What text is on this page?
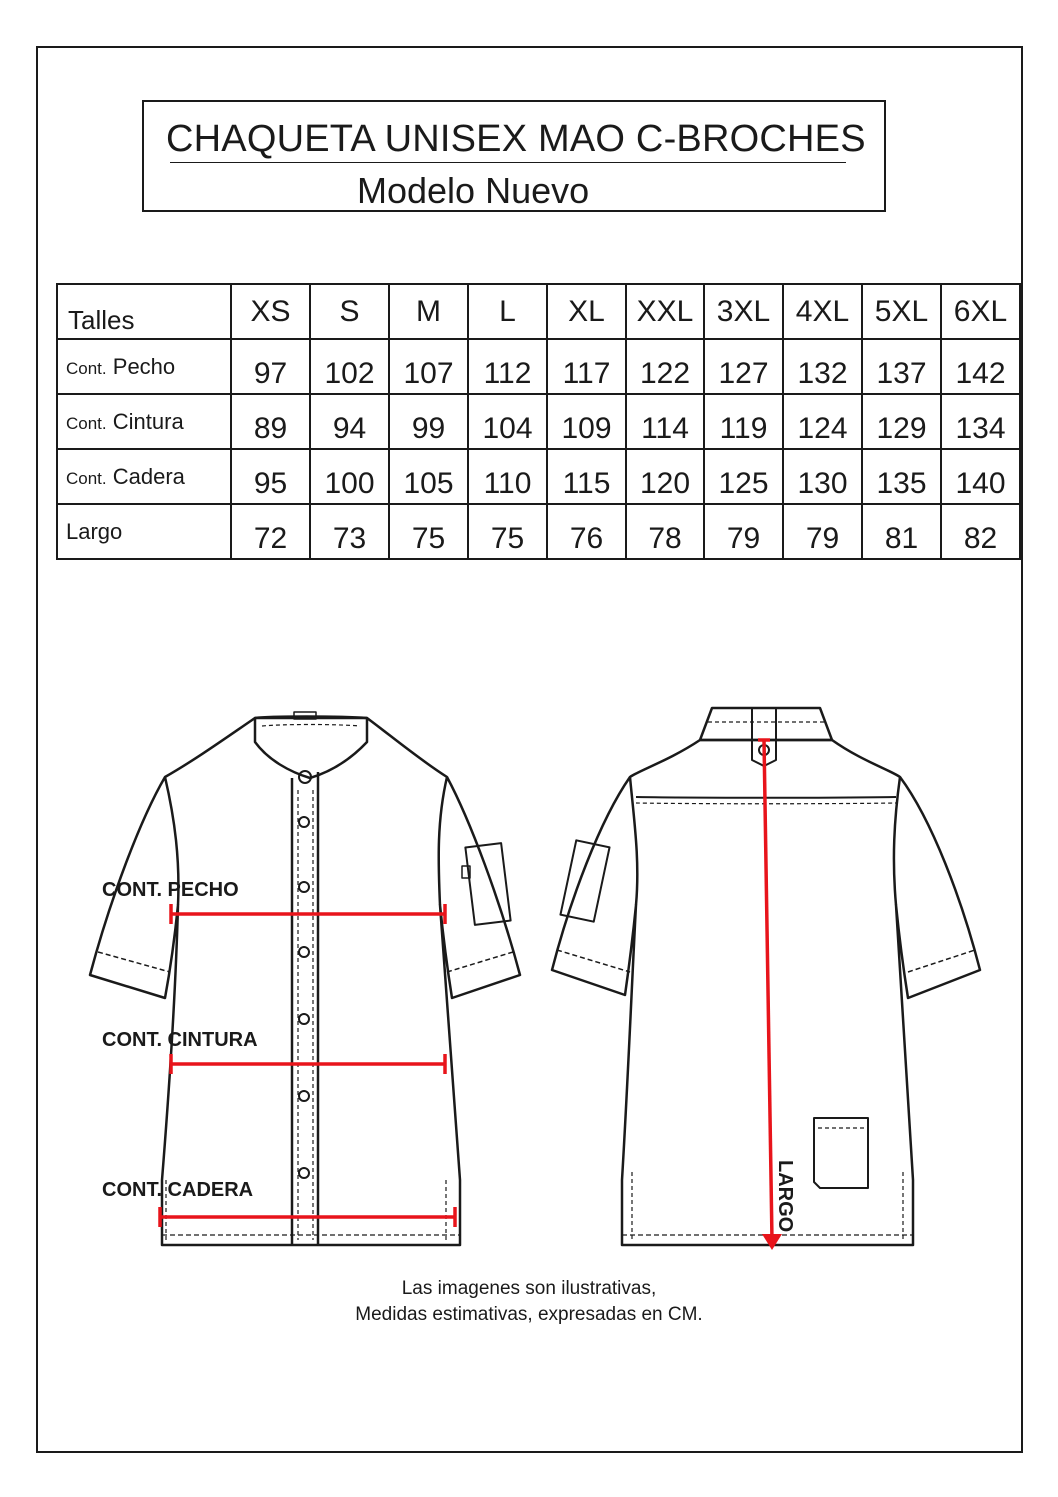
CHAQUETA UNISEX MAO C-BROCHES
Modelo Nuevo
Talles	XS	S	M	L	XL	XXL	3XL	4XL	5XL	6XL
Cont. Pecho	97	102	107	112	117	122	127	132	137	142
Cont. Cintura	89	94	99	104	109	114	119	124	129	134
Cont. Cadera	95	100	105	110	115	120	125	130	135	140
Largo	72	73	75	75	76	78	79	79	81	82
CONT. PECHO
CONT. CINTURA
CONT. CADERA	LARGO
Las imagenes son ilustrativas,
Medidas estimativas, expresadas en CM.
